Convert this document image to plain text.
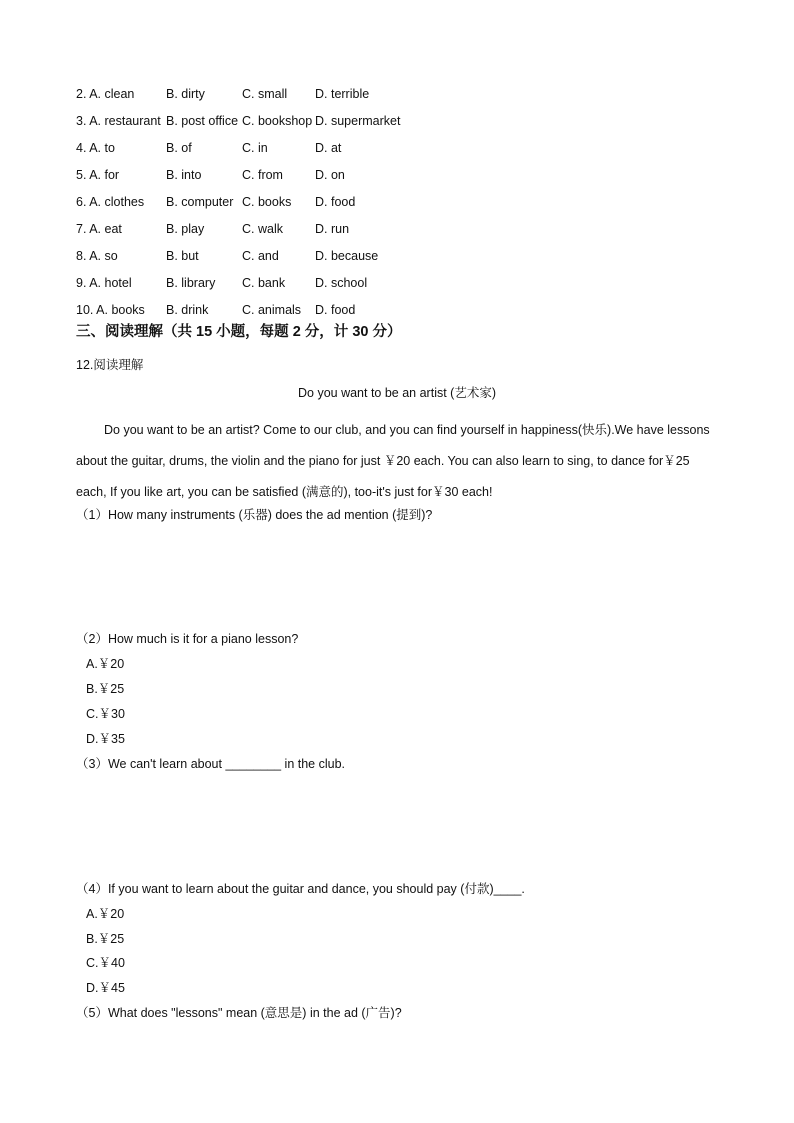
2. A. clean	B. dirty	C. small	D. terrible
3. A. restaurant	B. post office	C. bookshop	D. supermarket
4. A. to	B. of	C. in	D. at
5. A. for	B. into	C. from	D. on
6. A. clothes	B. computer	C. books	D. food
7. A. eat	B. play	C. walk	D. run
8. A. so	B. but	C. and	D. because
9. A. hotel	B. library	C. bank	D. school
10. A. books	B. drink	C. animals	D. food
三、阅读理解（共 15 小题，每题 2 分，计 30 分）
12.阅读理解
Do you want to be an artist (艺术家)
Do you want to be an artist? Come to our club, and you can find yourself in happiness(快乐).We have lessons about the guitar, drums, the violin and the piano for just ￥20 each. You can also learn to sing, to dance for￥25 each, If you like art, you can be satisfied (满意的), too-it's just for￥30 each!
（1）How many instruments (乐器) does the ad mention (提到)?
（2）How much is it for a piano lesson?
A.￥20
B.￥25
C.￥30
D.￥35
（3）We can't learn about ________ in the club.
（4）If you want to learn about the guitar and dance, you should pay (付款)____.
A.￥20
B.￥25
C.￥40
D.￥45
（5）What does "lessons" mean (意思是) in the ad (广告)?
